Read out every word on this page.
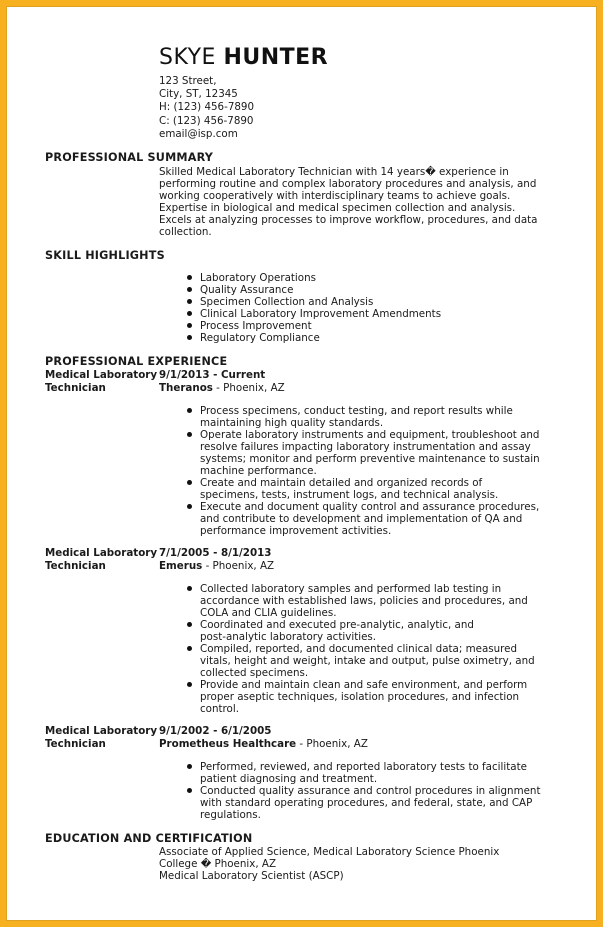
SKYE HUNTER
123 Street,
City, ST, 12345
H: (123) 456-7890
C: (123) 456-7890
email@isp.com
PROFESSIONAL SUMMARY
Skilled Medical Laboratory Technician with 14 years� experience in
performing routine and complex laboratory procedures and analysis, and
working cooperatively with interdisciplinary teams to achieve goals.
Expertise in biological and medical specimen collection and analysis.
Excels at analyzing processes to improve workflow, procedures, and data
collection.
SKILL HIGHLIGHTS
Laboratory Operations
Quality Assurance
Specimen Collection and Analysis
Clinical Laboratory Improvement Amendments
Process Improvement
Regulatory Compliance
PROFESSIONAL EXPERIENCE
Medical Laboratory
Technician
9/1/2013 - Current
Theranos - Phoenix, AZ
Process specimens, conduct testing, and report results while
maintaining high quality standards.
Operate laboratory instruments and equipment, troubleshoot and
resolve failures impacting laboratory instrumentation and assay
systems; monitor and perform preventive maintenance to sustain
machine performance.
Create and maintain detailed and organized records of
specimens, tests, instrument logs, and technical analysis.
Execute and document quality control and assurance procedures,
and contribute to development and implementation of QA and
performance improvement activities.
Medical Laboratory
Technician
7/1/2005 - 8/1/2013
Emerus - Phoenix, AZ
Collected laboratory samples and performed lab testing in
accordance with established laws, policies and procedures, and
COLA and CLIA guidelines.
Coordinated and executed pre-analytic, analytic, and
post-analytic laboratory activities.
Compiled, reported, and documented clinical data; measured
vitals, height and weight, intake and output, pulse oximetry, and
collected specimens.
Provide and maintain clean and safe environment, and perform
proper aseptic techniques, isolation procedures, and infection
control.
Medical Laboratory
Technician
9/1/2002 - 6/1/2005
Prometheus Healthcare - Phoenix, AZ
Performed, reviewed, and reported laboratory tests to facilitate
patient diagnosing and treatment.
Conducted quality assurance and control procedures in alignment
with standard operating procedures, and federal, state, and CAP
regulations.
EDUCATION AND CERTIFICATION
Associate of Applied Science, Medical Laboratory Science Phoenix
College � Phoenix, AZ
Medical Laboratory Scientist (ASCP)
